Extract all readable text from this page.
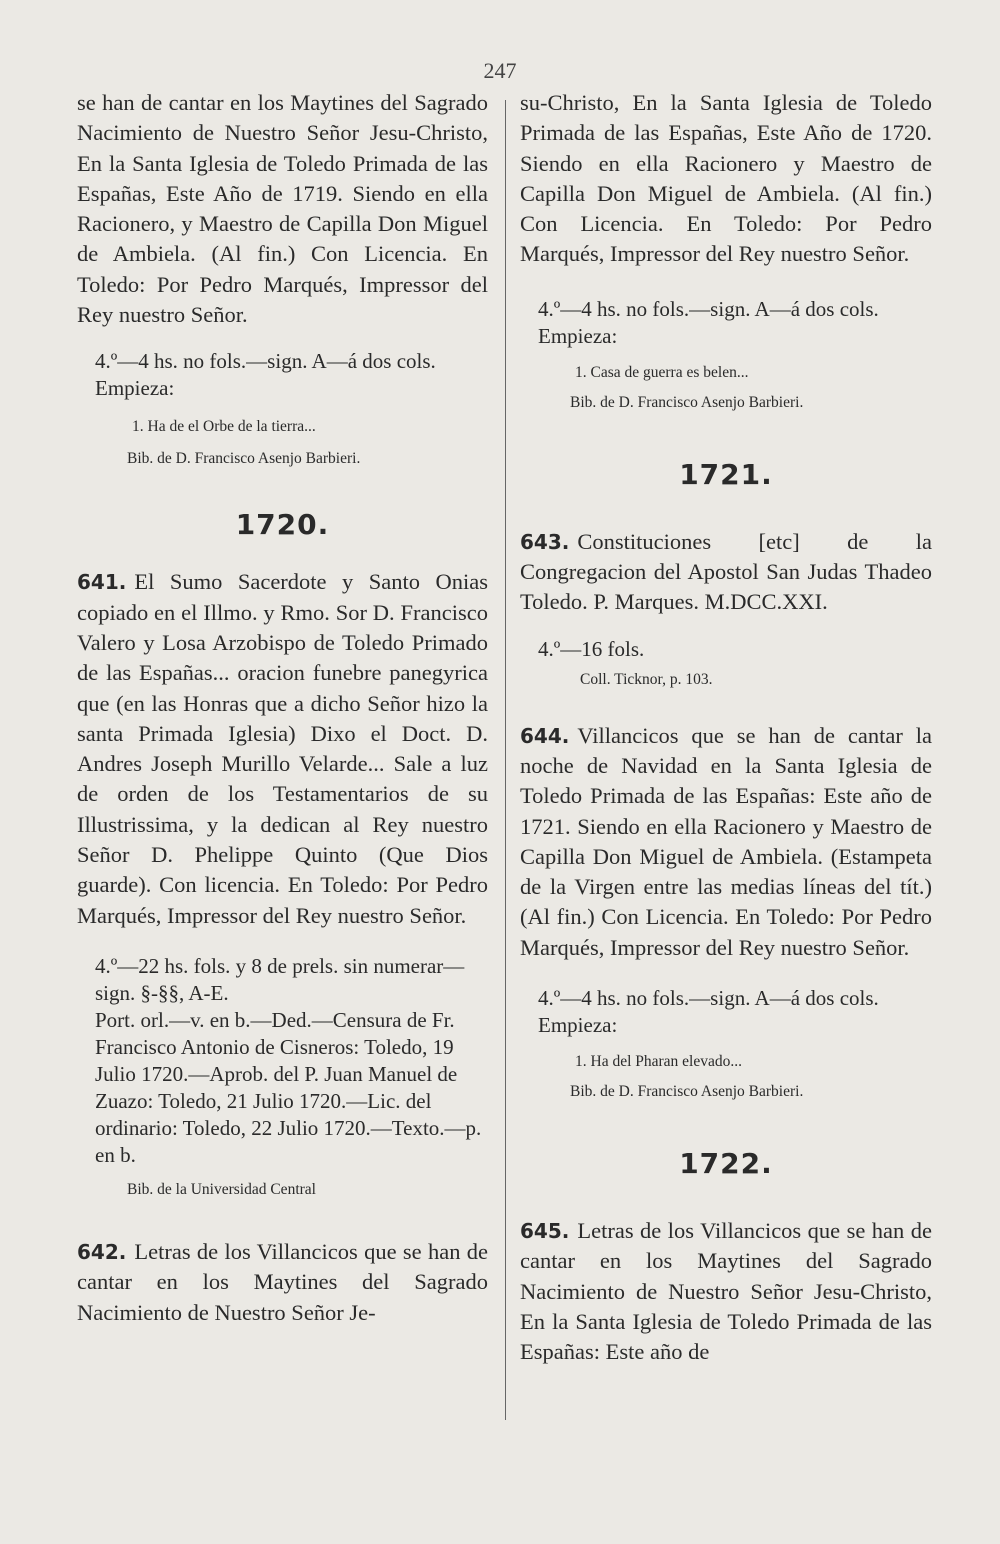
247

se han de cantar en los Maytines del Sagrado Nacimiento de Nuestro Señor Jesu-Christo, En la Santa Iglesia de Toledo Primada de las Españas, Este Año de 1719. Siendo en ella Racionero, y Maestro de Capilla Don Miguel de Ambiela. (Al fin.) Con Licencia. En Toledo: Por Pedro Marqués, Impressor del Rey nuestro Señor.

4.º—4 hs. no fols.—sign. A—á dos cols.

Empieza:

1. Ha de el Orbe de la tierra...

Bib. de D. Francisco Asenjo Barbieri.

1720.

641. El Sumo Sacerdote y Santo Onias copiado en el Illmo. y Rmo. Sor D. Francisco Valero y Losa Arzobispo de Toledo Primado de las Españas... oracion funebre panegyrica que (en las Honras que a dicho Señor hizo la santa Primada Iglesia) Dixo el Doct. D. Andres Joseph Murillo Velarde... Sale a luz de orden de los Testamentarios de su Illustrissima, y la dedican al Rey nuestro Señor D. Phelippe Quinto (Que Dios guarde). Con licencia. En Toledo: Por Pedro Marqués, Impressor del Rey nuestro Señor.

4.º—22 hs. fols. y 8 de prels. sin numerar—sign. §-§§, A-E.

Port. orl.—v. en b.—Ded.—Censura de Fr. Francisco Antonio de Cisneros: Toledo, 19 Julio 1720.—Aprob. del P. Juan Manuel de Zuazo: Toledo, 21 Julio 1720.—Lic. del ordinario: Toledo, 22 Julio 1720.—Texto.—p. en b.

Bib. de la Universidad Central

642. Letras de los Villancicos que se han de cantar en los Maytines del Sagrado Nacimiento de Nuestro Señor Je-

su-Christo, En la Santa Iglesia de Toledo Primada de las Españas, Este Año de 1720. Siendo en ella Racionero y Maestro de Capilla Don Miguel de Ambiela. (Al fin.) Con Licencia. En Toledo: Por Pedro Marqués, Impressor del Rey nuestro Señor.

4.º—4 hs. no fols.—sign. A—á dos cols.

Empieza:

1. Casa de guerra es belen...

Bib. de D. Francisco Asenjo Barbieri.

1721.

643. Constituciones [etc] de la Congregacion del Apostol San Judas Thadeo Toledo. P. Marques. M.DCC.XXI.

4.º—16 fols.

Coll. Ticknor, p. 103.

644. Villancicos que se han de cantar la noche de Navidad en la Santa Iglesia de Toledo Primada de las Españas: Este año de 1721. Siendo en ella Racionero y Maestro de Capilla Don Miguel de Ambiela. (Estampeta de la Virgen entre las medias líneas del tít.) (Al fin.) Con Licencia. En Toledo: Por Pedro Marqués, Impressor del Rey nuestro Señor.

4.º—4 hs. no fols.—sign. A—á dos cols.

Empieza:

1. Ha del Pharan elevado...

Bib. de D. Francisco Asenjo Barbieri.

1722.

645. Letras de los Villancicos que se han de cantar en los Maytines del Sagrado Nacimiento de Nuestro Señor Jesu-Christo, En la Santa Iglesia de Toledo Primada de las Españas: Este año de
